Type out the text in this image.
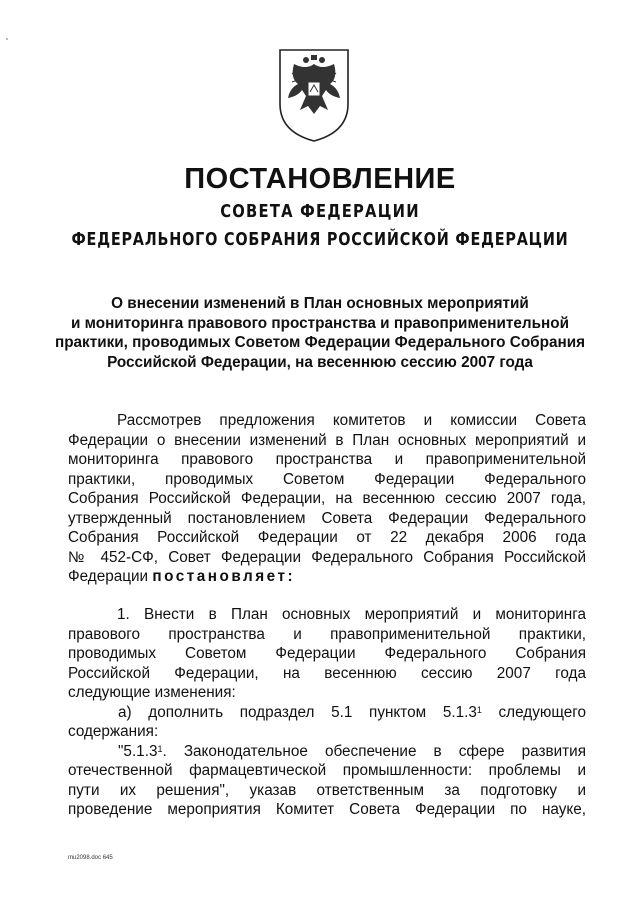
ПОСТАНОВЛЕНИЕ
СОВЕТА ФЕДЕРАЦИИ
ФЕДЕРАЛЬНОГО СОБРАНИЯ РОССИЙСКОЙ ФЕДЕРАЦИИ
О внесении изменений в План основных мероприятий
и мониторинга правового пространства и правоприменительной
практики, проводимых Советом Федерации Федерального Собрания
Российской Федерации, на весеннюю сессию 2007 года
Рассмотрев предложения комитетов и комиссии Совета
Федерации о внесении изменений в План основных мероприятий и
мониторинга правового пространства и правоприменительной
практики, проводимых Советом Федерации Федерального
Собрания Российской Федерации, на весеннюю сессию 2007 года,
утвержденный постановлением Совета Федерации Федерального
Собрания Российской Федерации от 22 декабря 2006 года
№ 452-СФ, Совет Федерации Федерального Собрания Российской
Федерации постановляет:
1. Внести в План основных мероприятий и мониторинга
правового пространства и правоприменительной практики,
проводимых Советом Федерации Федерального Собрания
Российской Федерации, на весеннюю сессию 2007 года
следующие изменения:
а) дополнить подраздел 5.1 пунктом 5.1.3$^1$ следующего
содержания:
"5.1.3$^1$. Законодательное обеспечение в сфере развития
отечественной фармацевтической промышленности: проблемы и
пути их решения", указав ответственным за подготовку и
проведение мероприятия Комитет Совета Федерации по науке,
mu2098.doc 645
